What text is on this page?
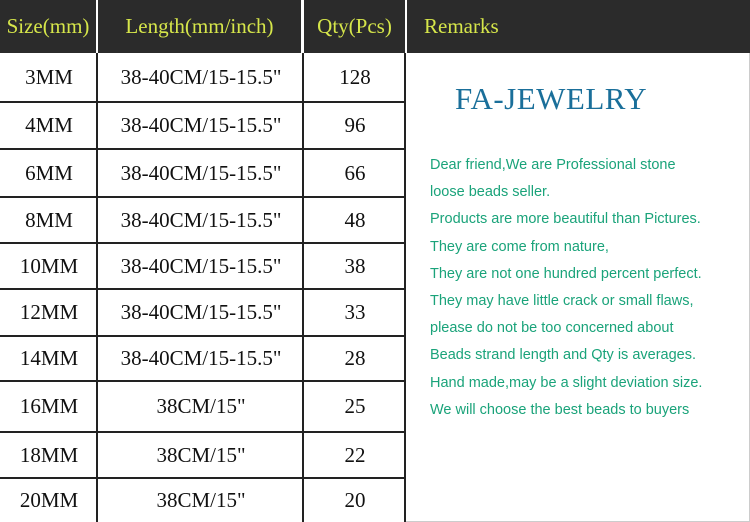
Size(mm)	Length(mm/inch)	Qty(Pcs)	Remarks
3MM	38-40CM/15-15.5"	128
4MM	38-40CM/15-15.5"	96
6MM	38-40CM/15-15.5"	66
8MM	38-40CM/15-15.5"	48
10MM	38-40CM/15-15.5"	38
12MM	38-40CM/15-15.5"	33
14MM	38-40CM/15-15.5"	28
16MM	38CM/15"	25
18MM	38CM/15"	22
20MM	38CM/15"	20
FA-JEWELRY
Dear friend,We are Professional stone
loose beads seller.
Products are more beautiful than Pictures.
They are come from nature,
They are not one hundred percent perfect.
They may have little crack or small flaws,
please do not be too concerned about
Beads strand length and Qty is averages.
Hand made,may be a slight deviation size.
We will choose the best beads to buyers
